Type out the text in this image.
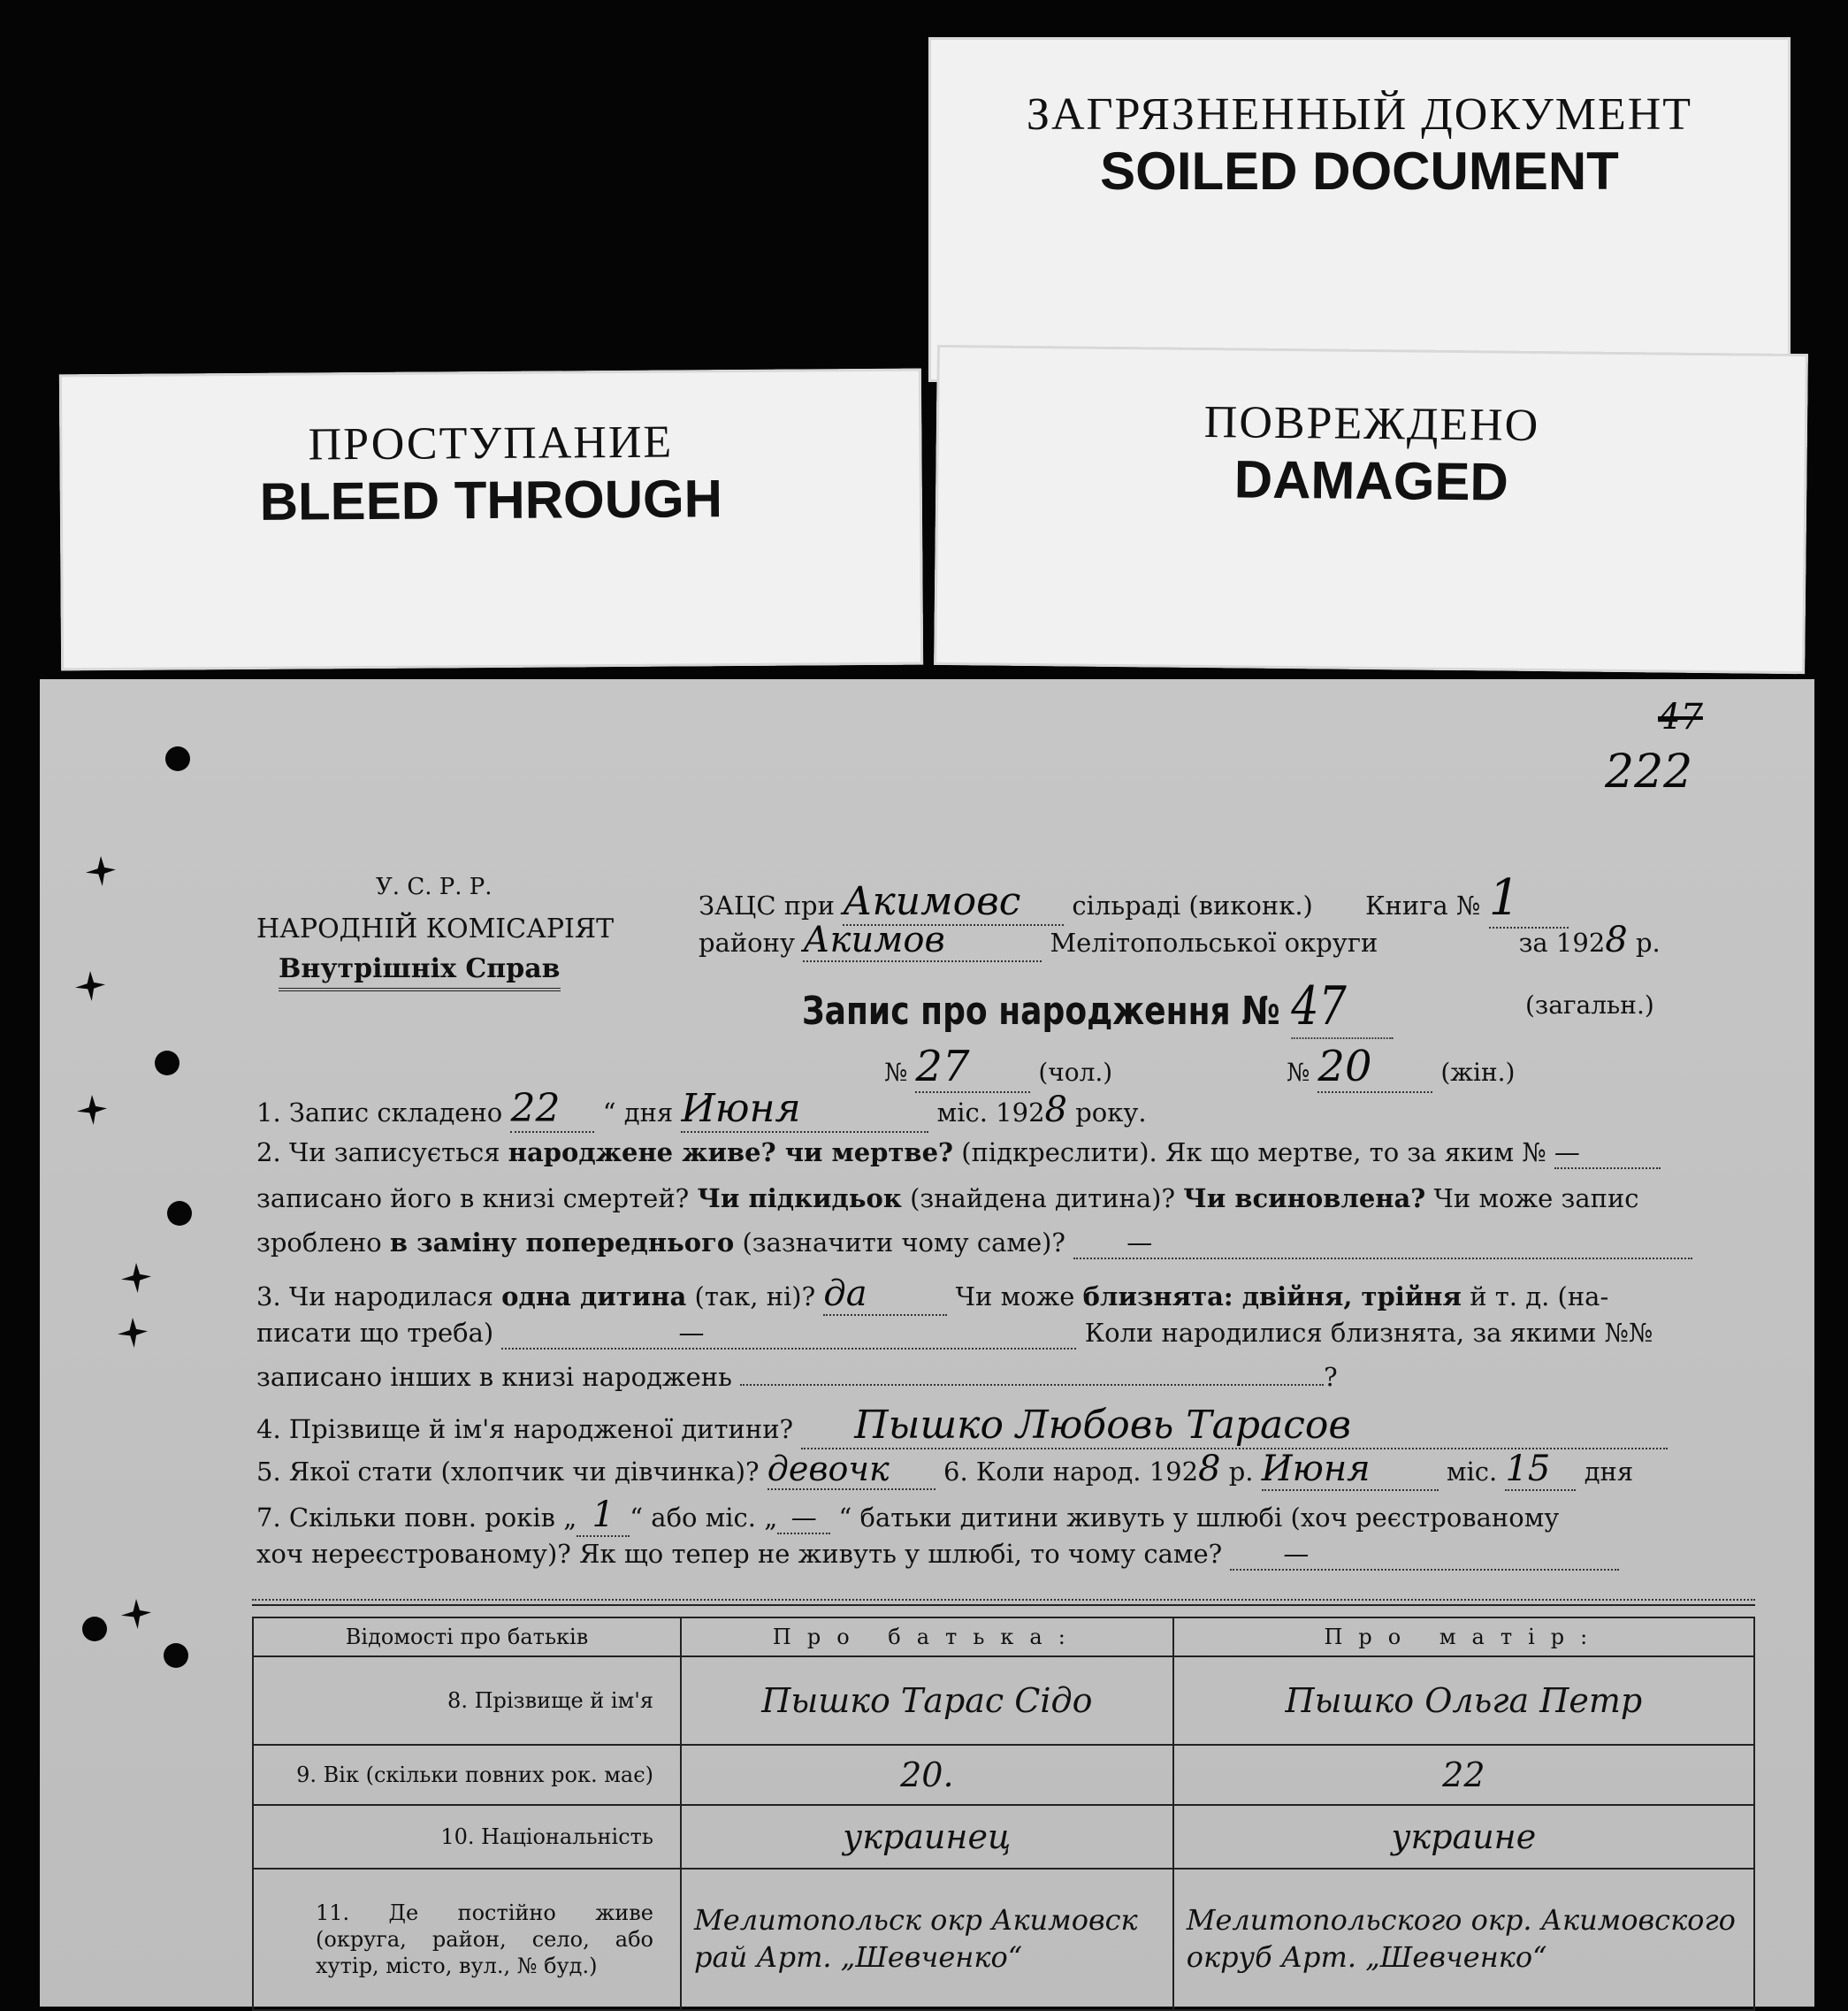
ЗАГРЯЗНЕННЫЙ ДОКУМЕНТ
SOILED DOCUMENT
ПРОСТУПАНИЕ
BLEED THROUGH
ПОВРЕЖДЕНО
DAMAGED
47
222
У. С. Р. Р.
НАРОДНІЙ КОМІСАРІЯТ
Внутрішніх Справ
ЗАЦС при Акимовс сільраді (виконк.) Книга № 1
району Акимов	Мелітопольської округи	за 1928 р.
Запис про народження № 47	(загальн.)
№ 27	(чол.)	№ 20	(жін.)
1. Запис складено 22 “ дня Июня	міс. 1928 року.
2. Чи записується народжене живе? чи мертве? (підкреслити). Як що мертве, то за яким № —
записано його в книзі смертей? Чи підкидьок (знайдена дитина)? Чи всиновлена? Чи може запис
зроблено в заміну попереднього (зазначити чому саме)? —
3. Чи народилася одна дитина (так, ні)? да	Чи може близнята: двійня, трійня й т. д. (на-
писати що треба)	—	Коли народилися близнята, за якими №№
записано інших в книзі народжень	?
4. Прізвище й ім'я народженої дитини? Пышко Любовь Тарасов
5. Якої стати (хлопчик чи дівчинка)? девочк 6. Коли народ. 1928 р. Июня	міс. 15 дня
7. Скільки повн. років „ 1 “ або міс. „ — “ батьки дитини живуть у шлюбі (хоч реєстрованому
хоч нереєстрованому)? Як що тепер не живуть у шлюбі, то чому саме? —
Відомості про батьків	Про батька:	Про матір:
8. Прізвище й ім'я	Пышко Тарас Сідо	Пышко Ольга Петр
9. Вік (скільки повних рок. має)	20.	22
10. Національність	украинец	украине
11. Де постійно живе (округа, район, село, або хутір, місто, вул., № буд.)	Мелитопольск окр Акимовск рай Арт. „Шевченко“	Мелитопольского окр. Акимовского окруб Арт. „Шевченко“
